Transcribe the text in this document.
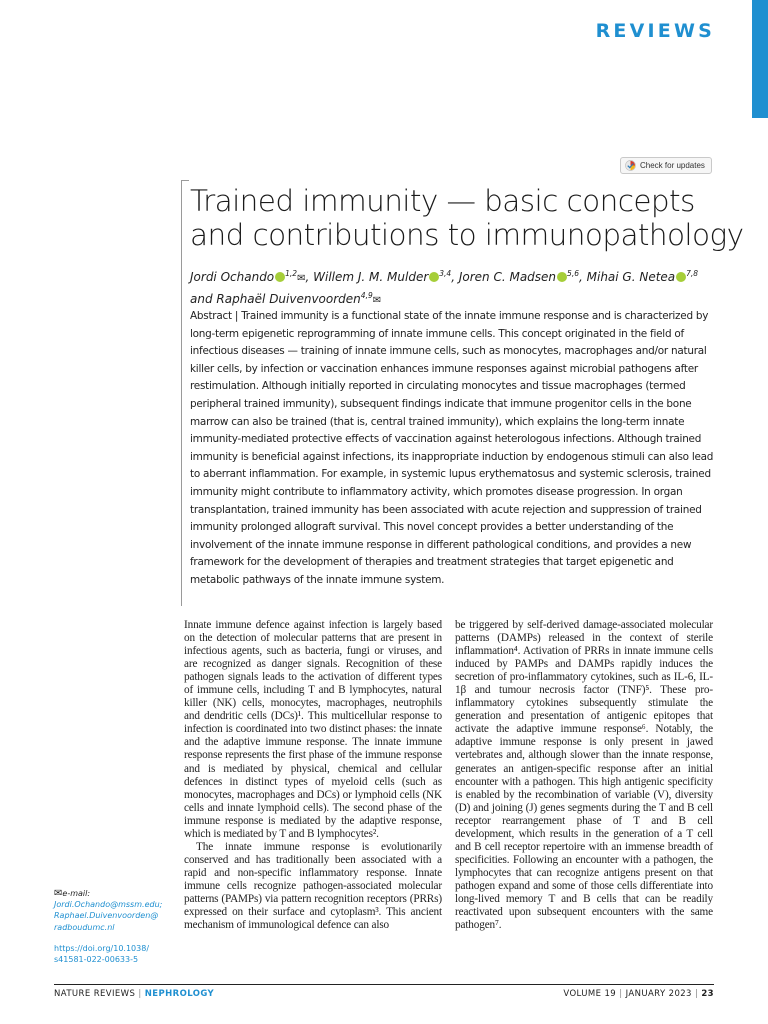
REVIEWS
Check for updates
Trained immunity — basic concepts and contributions to immunopathology
Jordi Ochando $^{1,2}$✉, Willem J. M. Mulder $^{3,4}$, Joren C. Madsen $^{5,6}$, Mihai G. Netea $^{7,8}$
and Raphaël Duivenvoorden$^{4,9}$✉

Abstract | Trained immunity is a functional state of the innate immune response and is characterized by long-term epigenetic reprogramming of innate immune cells. This concept originated in the field of infectious diseases — training of innate immune cells, such as monocytes, macrophages and/or natural killer cells, by infection or vaccination enhances immune responses against microbial pathogens after restimulation. Although initially reported in circulating monocytes and tissue macrophages (termed peripheral trained immunity), subsequent findings indicate that immune progenitor cells in the bone marrow can also be trained (that is, central trained immunity), which explains the long-term innate immunity-mediated protective effects of vaccination against heterologous infections. Although trained immunity is beneficial against infections, its inappropriate induction by endogenous stimuli can also lead to aberrant inflammation. For example, in systemic lupus erythematosus and systemic sclerosis, trained immunity might contribute to inflammatory activity, which promotes disease progression. In organ transplantation, trained immunity has been associated with acute rejection and suppression of trained immunity prolonged allograft survival. This novel concept provides a better understanding of the involvement of the innate immune response in different pathological conditions, and provides a new framework for the development of therapies and treatment strategies that target epigenetic and metabolic pathways of the innate immune system.

Innate immune defence against infection is largely based on the detection of molecular patterns that are present in infectious agents, such as bacteria, fungi or viruses, and are recognized as danger signals. Recognition of these pathogen signals leads to the activation of different types of immune cells, including T and B lymphocytes, natural killer (NK) cells, monocytes, macrophages, neutrophils and dendritic cells (DCs)¹. This multicellular response to infection is coordinated into two distinct phases: the innate and the adaptive immune response. The innate immune response represents the first phase of the immune response and is mediated by physical, chemical and cellular defences in distinct types of myeloid cells (such as monocytes, macrophages and DCs) or lymphoid cells (NK cells and innate lymphoid cells). The second phase of the immune response is mediated by the adaptive response, which is mediated by T and B lymphocytes².

The innate immune response is evolutionarily conserved and has traditionally been associated with a rapid and non-specific inflammatory response. Innate immune cells recognize pathogen-associated molecular patterns (PAMPs) via pattern recognition receptors (PRRs) expressed on their surface and cytoplasm³. This ancient mechanism of immunological defence can also

be triggered by self-derived damage-associated molecular patterns (DAMPs) released in the context of sterile inflammation⁴. Activation of PRRs in innate immune cells induced by PAMPs and DAMPs rapidly induces the secretion of pro-inflammatory cytokines, such as IL-6, IL-1β and tumour necrosis factor (TNF)⁵. These pro-inflammatory cytokines subsequently stimulate the generation and presentation of antigenic epitopes that activate the adaptive immune response⁶. Notably, the adaptive immune response is only present in jawed vertebrates and, although slower than the innate response, generates an antigen-specific response after an initial encounter with a pathogen. This high antigenic specificity is enabled by the recombination of variable (V), diversity (D) and joining (J) genes segments during the T and B cell receptor rearrangement phase of T and B cell development, which results in the generation of a T cell and B cell receptor repertoire with an immense breadth of specificities. Following an encounter with a pathogen, the lymphocytes that can recognize antigens present on that pathogen expand and some of those cells differentiate into long-lived memory T and B cells that can be readily reactivated upon subsequent encounters with the same pathogen⁷.

✉e-mail:
Jordi.Ochando@mssm.edu;
Raphael.Duivenvoorden@
radboudumc.nl
https://doi.org/10.1038/
s41581-022-00633-5
NATURE REVIEWS | NEPHROLOGY	VOLUME 19 | JANUARY 2023 | 23
